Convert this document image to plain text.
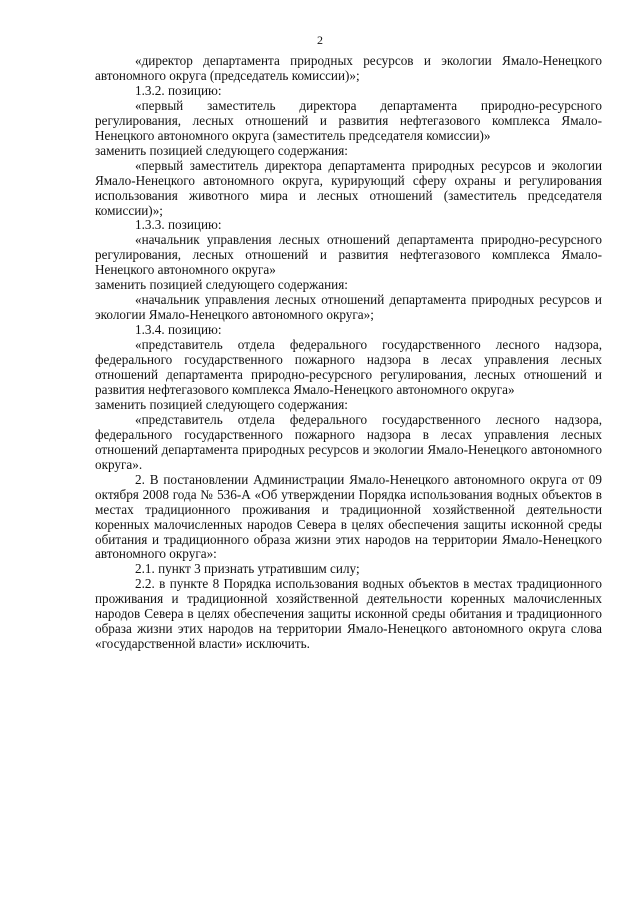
2

«директор департамента природных ресурсов и экологии Ямало-Ненецкого автономного округа (председатель комиссии)»;

1.3.2. позицию:

«первый заместитель директора департамента природно-ресурсного регулирования, лесных отношений и развития нефтегазового комплекса Ямало-Ненецкого автономного округа (заместитель председателя комиссии)»

заменить позицией следующего содержания:

«первый заместитель директора департамента природных ресурсов и экологии Ямало-Ненецкого автономного округа, курирующий сферу охраны и регулирования использования животного мира и лесных отношений (заместитель председателя комиссии)»;

1.3.3. позицию:

«начальник управления лесных отношений департамента природно-ресурсного регулирования, лесных отношений и развития нефтегазового комплекса Ямало-Ненецкого автономного округа»

заменить позицией следующего содержания:

«начальник управления лесных отношений департамента природных ресурсов и экологии Ямало-Ненецкого автономного округа»;

1.3.4. позицию:

«представитель отдела федерального государственного лесного надзора, федерального государственного пожарного надзора в лесах управления лесных отношений департамента природно-ресурсного регулирования, лесных отношений и развития нефтегазового комплекса Ямало-Ненецкого автономного округа»

заменить позицией следующего содержания:

«представитель отдела федерального государственного лесного надзора, федерального государственного пожарного надзора в лесах управления лесных отношений департамента природных ресурсов и экологии Ямало-Ненецкого автономного округа».

2. В постановлении Администрации Ямало-Ненецкого автономного округа от 09 октября 2008 года № 536-А «Об утверждении Порядка использования водных объектов в местах традиционного проживания и традиционной хозяйственной деятельности коренных малочисленных народов Севера в целях обеспечения защиты исконной среды обитания и традиционного образа жизни этих народов на территории Ямало-Ненецкого автономного округа»:

2.1. пункт 3 признать утратившим силу;

2.2. в пункте 8 Порядка использования водных объектов в местах традиционного проживания и традиционной хозяйственной деятельности коренных малочисленных народов Севера в целях обеспечения защиты исконной среды обитания и традиционного образа жизни этих народов на территории Ямало-Ненецкого автономного округа слова «государственной власти» исключить.
